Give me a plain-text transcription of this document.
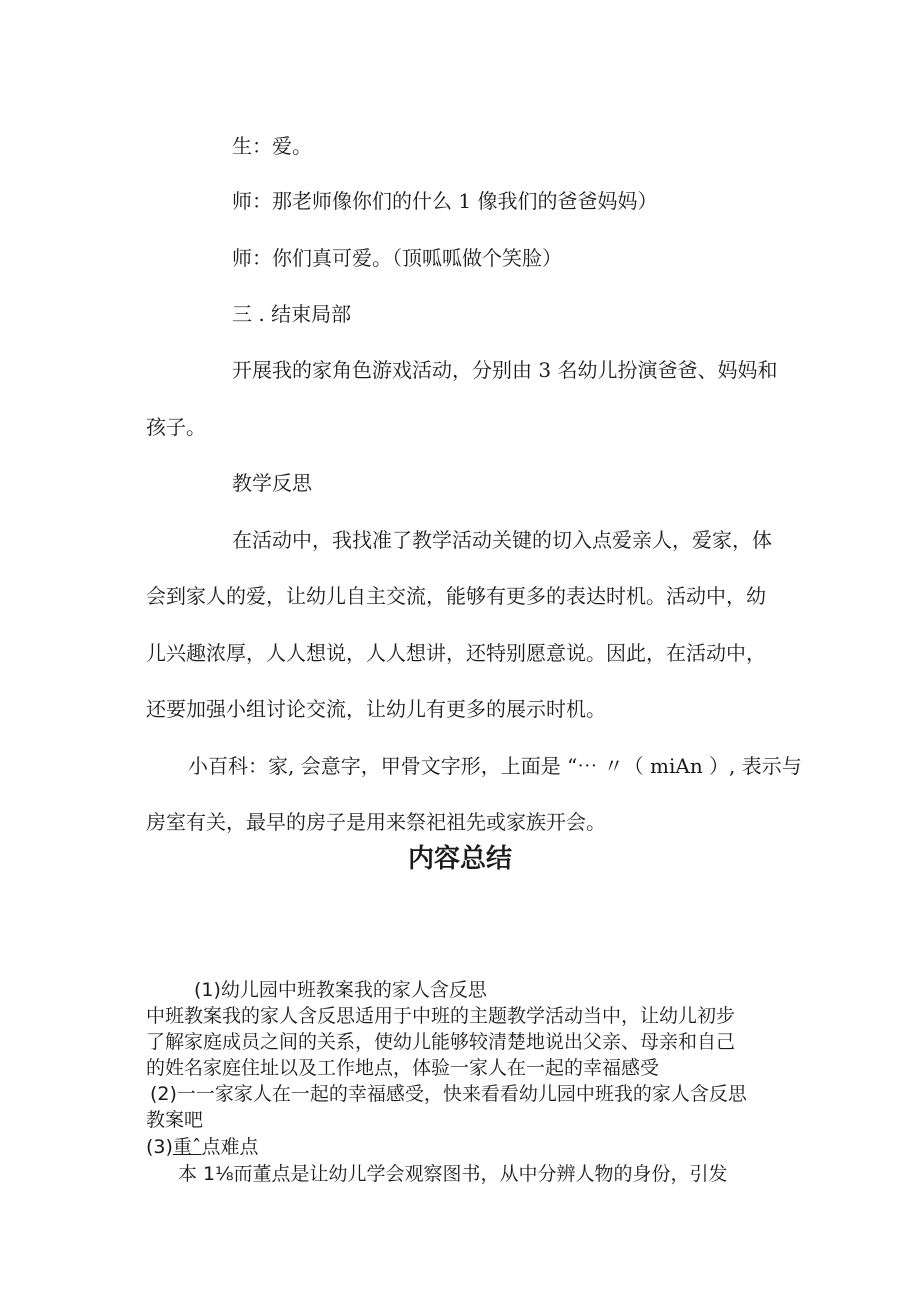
生：爱。

师：那老师像你们的什么 1 像我们的爸爸妈妈）

师：你们真可爱。（顶呱呱做个笑脸）

三 . 结束局部

开展我的家角色游戏活动，分别由 3 名幼儿扮演爸爸、妈妈和

孩子。

教学反思

在活动中，我找准了教学活动关键的切入点爱亲人，爱家，体

会到家人的爱，让幼儿自主交流，能够有更多的表达时机。活动中，幼

儿兴趣浓厚，人人想说，人人想讲，还特别愿意说。因此，在活动中，

还要加强小组讨论交流，让幼儿有更多的展示时机。

小百科：家, 会意字，甲骨文字形，上面是 “⋯ 〃（ miAn ）, 表示与

房室有关，最早的房子是用来祭祀祖先或家族开会。

内容总结

(1)幼儿园中班教案我的家人含反思

中班教案我的家人含反思适用于中班的主题教学活动当中，让幼儿初步

了解家庭成员之间的关系，使幼儿能够较清楚地说出父亲、母亲和自己

的姓名家庭住址以及工作地点，体验一家人在一起的幸福感受

(2)一一家家人在一起的幸福感受，快来看看幼儿园中班我的家人含反思

教案吧

(3)重ˆ点难点

本 1⅛而董点是让幼儿学会观察图书，从中分辨人物的身份，引发
